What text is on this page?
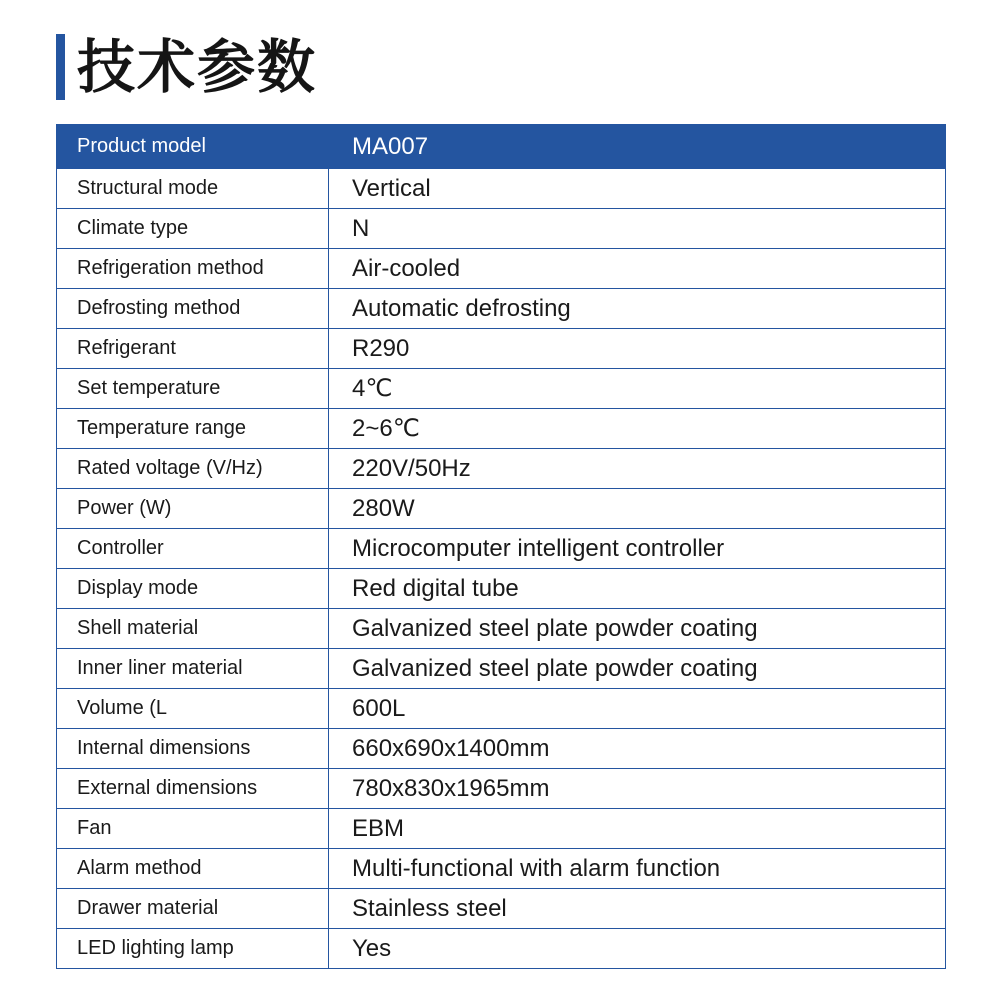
技术参数
Product model	MA007
Structural mode	Vertical
Climate type	N
Refrigeration method	Air-cooled
Defrosting method	Automatic defrosting
Refrigerant	R290
Set temperature	4℃
Temperature range	2~6℃
Rated voltage (V/Hz)	220V/50Hz
Power (W)	280W
Controller	Microcomputer intelligent controller
Display mode	Red digital tube
Shell material	Galvanized steel plate powder coating
Inner liner material	Galvanized steel plate powder coating
Volume (L	600L
Internal dimensions	660x690x1400mm
External dimensions	780x830x1965mm
Fan	EBM
Alarm method	Multi-functional with alarm function
Drawer material	Stainless steel
LED lighting lamp	Yes
